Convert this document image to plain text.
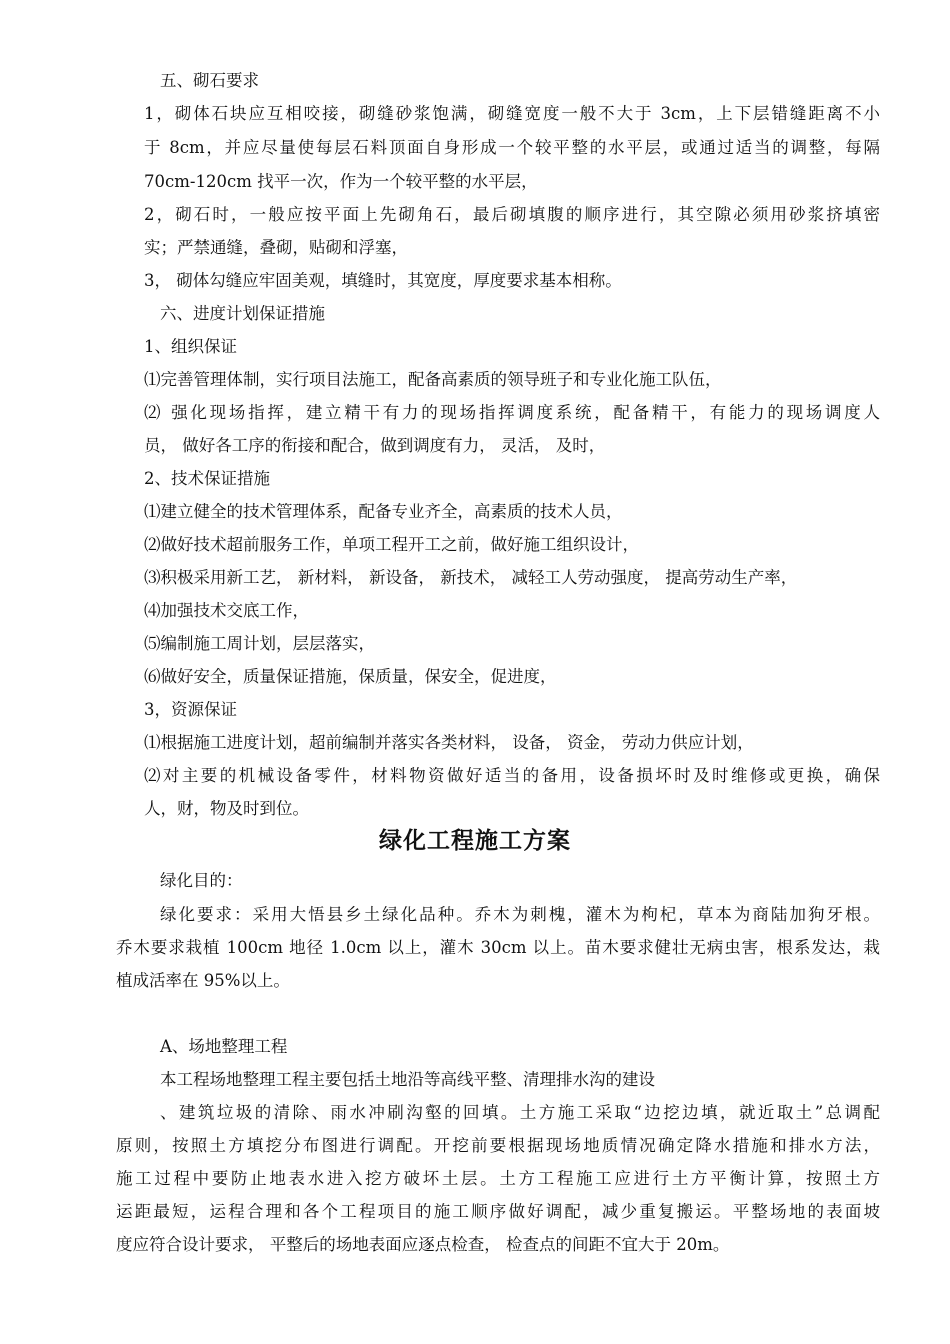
五、砌石要求

1，砌体石块应互相咬接，砌缝砂浆饱满，砌缝宽度一般不大于 3cm，上下层错缝距离不小

于 8cm，并应尽量使每层石料顶面自身形成一个较平整的水平层，或通过适当的调整，每隔

70cm-120cm 找平一次，作为一个较平整的水平层，

2，砌石时，一般应按平面上先砌角石，最后砌填腹的顺序进行，其空隙必须用砂浆挤填密

实；严禁通缝，叠砌，贴砌和浮塞，

3， 砌体勾缝应牢固美观，填缝时，其宽度，厚度要求基本相称。

六、进度计划保证措施

1、组织保证

⑴完善管理体制，实行项目法施工，配备高素质的领导班子和专业化施工队伍，

⑵ 强化现场指挥，建立精干有力的现场指挥调度系统，配备精干，有能力的现场调度人

员， 做好各工序的衔接和配合，做到调度有力， 灵活， 及时，

2、技术保证措施

⑴建立健全的技术管理体系，配备专业齐全，高素质的技术人员，

⑵做好技术超前服务工作，单项工程开工之前，做好施工组织设计，

⑶积极采用新工艺， 新材料， 新设备， 新技术， 减轻工人劳动强度， 提高劳动生产率，

⑷加强技术交底工作，

⑸编制施工周计划，层层落实，

⑹做好安全，质量保证措施，保质量，保安全，促进度，

3，资源保证

⑴根据施工进度计划，超前编制并落实各类材料， 设备， 资金， 劳动力供应计划，

⑵对主要的机械设备零件，材料物资做好适当的备用，设备损坏时及时维修或更换，确保

人，财，物及时到位。

绿化工程施工方案

绿化目的：

绿化要求：采用大悟县乡土绿化品种。乔木为刺槐，灌木为枸杞，草本为商陆加狗牙根。

乔木要求栽植 100cm 地径 1.0cm 以上，灌木 30cm 以上。苗木要求健壮无病虫害，根系发达，栽

植成活率在 95%以上。

A、场地整理工程

本工程场地整理工程主要包括土地沿等高线平整、清理排水沟的建设

、建筑垃圾的清除、雨水冲刷沟壑的回填。土方施工采取“边挖边填，就近取土”总调配

原则，按照土方填挖分布图进行调配。开挖前要根据现场地质情况确定降水措施和排水方法，

施工过程中要防止地表水进入挖方破坏土层。土方工程施工应进行土方平衡计算，按照土方

运距最短，运程合理和各个工程项目的施工顺序做好调配，减少重复搬运。平整场地的表面坡

度应符合设计要求， 平整后的场地表面应逐点检查， 检查点的间距不宜大于 20m。
